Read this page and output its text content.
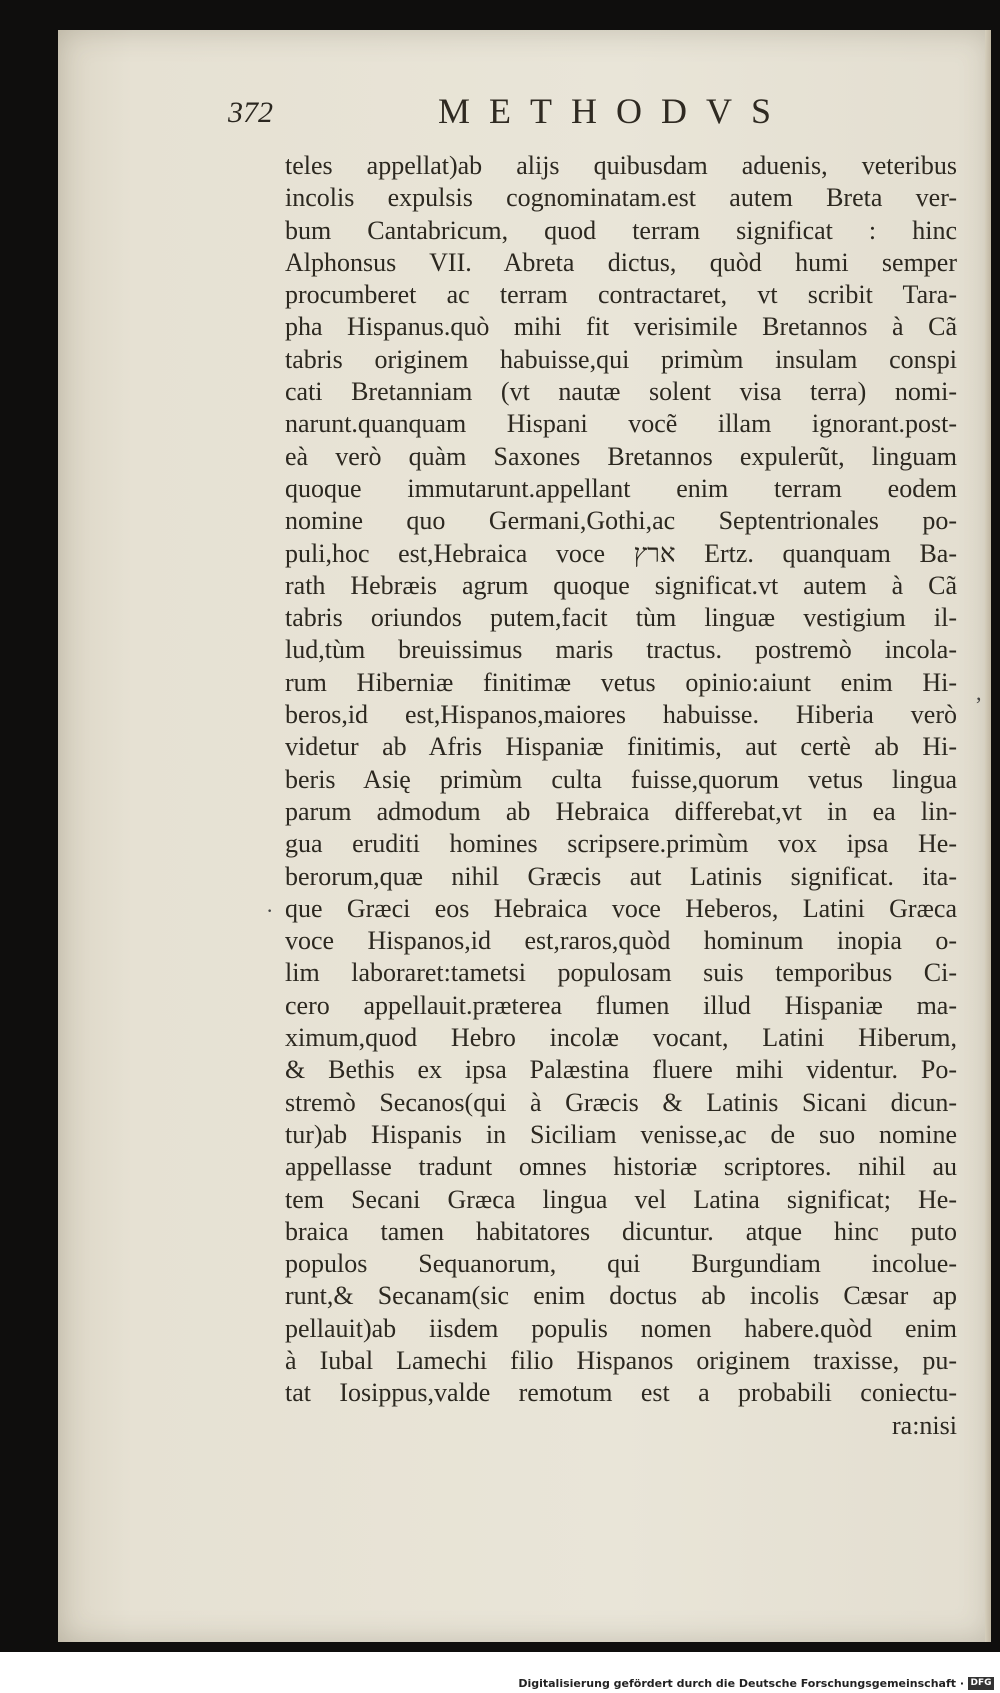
372	METHODVS
teles appellat)ab alijs quibusdam aduenis, veteribus
incolis expulsis cognominatam.est autem Breta ver-
bum Cantabricum, quod terram significat : hinc
Alphonsus VII. Abreta dictus, quòd humi semper
procumberet ac terram contractaret, vt scribit Tara-
pha Hispanus.quò mihi fit verisimile Bretannos à Cã
tabris originem habuisse,qui primùm insulam conspi
cati Bretanniam (vt nautæ solent visa terra) nomi-
narunt.quanquam Hispani vocẽ illam ignorant.post-
eà verò quàm Saxones Bretannos expulerũt, linguam
quoque immutarunt.appellant enim terram eodem
nomine quo Germani,Gothi,ac Septentrionales po-
puli,hoc est,Hebraica voce ארץ Ertz. quanquam Ba-
rath Hebræis agrum quoque significat.vt autem à Cã
tabris oriundos putem,facit tùm linguæ vestigium il-
lud,tùm breuissimus maris tractus. postremò incola-
rum Hiberniæ finitimæ vetus opinio:aiunt enim Hi-
beros,id est,Hispanos,maiores habuisse. Hiberia verò
videtur ab Afris Hispaniæ finitimis, aut certè ab Hi-
beris Asię primùm culta fuisse,quorum vetus lingua
parum admodum ab Hebraica differebat,vt in ea lin-
gua eruditi homines scripsere.primùm vox ipsa He-
berorum,quæ nihil Græcis aut Latinis significat. ita-
que Græci eos Hebraica voce Heberos, Latini Græca
voce Hispanos,id est,raros,quòd hominum inopia o-
lim laboraret:tametsi populosam suis temporibus Ci-
cero appellauit.præterea flumen illud Hispaniæ ma-
ximum,quod Hebro incolæ vocant, Latini Hiberum,
& Bethis ex ipsa Palæstina fluere mihi videntur. Po-
stremò Secanos(qui à Græcis & Latinis Sicani dicun-
tur)ab Hispanis in Siciliam venisse,ac de suo nomine
appellasse tradunt omnes historiæ scriptores. nihil au
tem Secani Græca lingua vel Latina significat; He-
braica tamen habitatores dicuntur. atque hinc puto
populos Sequanorum, qui Burgundiam incolue-
runt,& Secanam(sic enim doctus ab incolis Cæsar ap
pellauit)ab iisdem populis nomen habere.quòd enim
à Iubal Lamechi filio Hispanos originem traxisse, pu-
tat Iosippus,valde remotum est a probabili coniectu-
ra:nisi
,
·
Digitalisierung gefördert durch die Deutsche Forschungsgemeinschaft · DFG
